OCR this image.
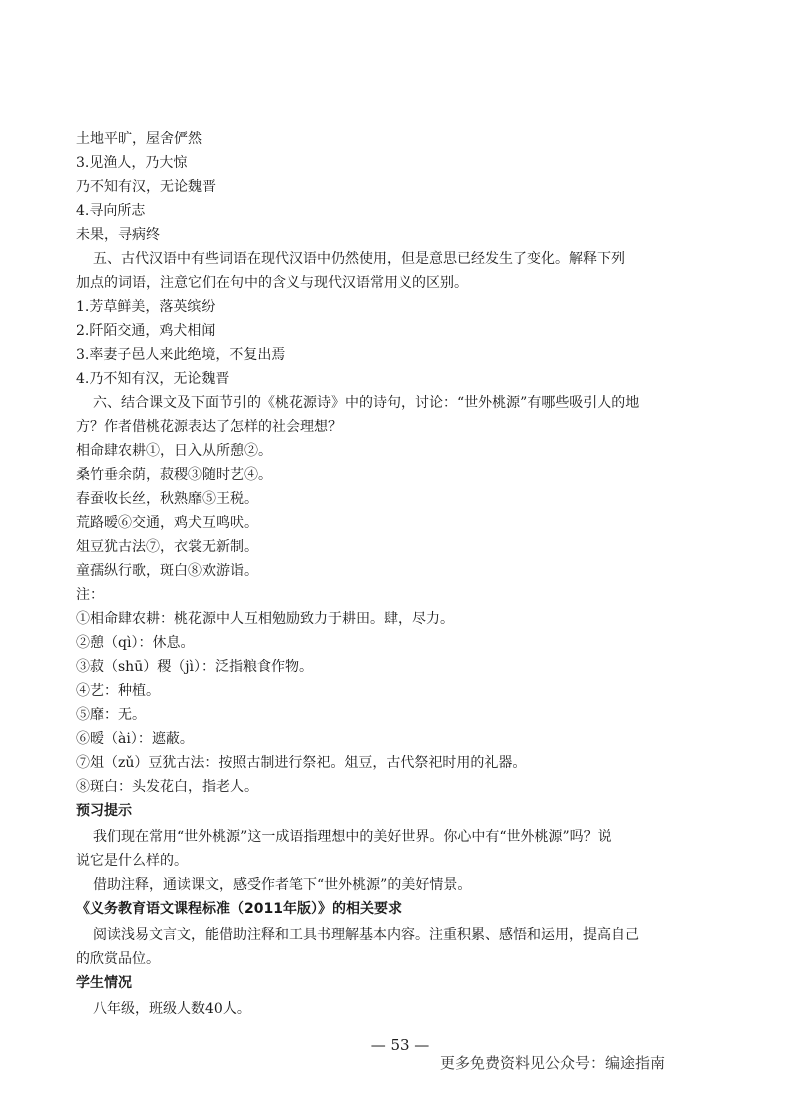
土地平旷，屋舍俨然
3.见渔人，乃大惊
乃不知有汉，无论魏晋
4.寻向所志
未果，寻病终
五、古代汉语中有些词语在现代汉语中仍然使用，但是意思已经发生了变化。解释下列
加点的词语，注意它们在句中的含义与现代汉语常用义的区别。
1.芳草鲜美，落英缤纷
2.阡陌交通，鸡犬相闻
3.率妻子邑人来此绝境，不复出焉
4.乃不知有汉，无论魏晋
六、结合课文及下面节引的《桃花源诗》中的诗句，讨论：“世外桃源”有哪些吸引人的地
方？作者借桃花源表达了怎样的社会理想？
相命肆农耕①，日入从所憩②。
桑竹垂余荫，菽稷③随时艺④。
春蚕收长丝，秋熟靡⑤王税。
荒路暧⑥交通，鸡犬互鸣吠。
俎豆犹古法⑦，衣裳无新制。
童孺纵行歌，斑白⑧欢游诣。
注：
①相命肆农耕：桃花源中人互相勉励致力于耕田。肆，尽力。
②憩（qì）：休息。
③菽（shū）稷（jì）：泛指粮食作物。
④艺：种植。
⑤靡：无。
⑥暧（ài）：遮蔽。
⑦俎（zǔ）豆犹古法：按照古制进行祭祀。俎豆，古代祭祀时用的礼器。
⑧斑白：头发花白，指老人。
预习提示
我们现在常用“世外桃源”这一成语指理想中的美好世界。你心中有“世外桃源”吗？说
说它是什么样的。
借助注释，通读课文，感受作者笔下“世外桃源”的美好情景。
《义务教育语文课程标准（2011年版）》的相关要求
阅读浅易文言文，能借助注释和工具书理解基本内容。注重积累、感悟和运用，提高自己
的欣赏品位。
学生情况
八年级，班级人数40人。
— 53 —
更多免费资料见公众号：编途指南
